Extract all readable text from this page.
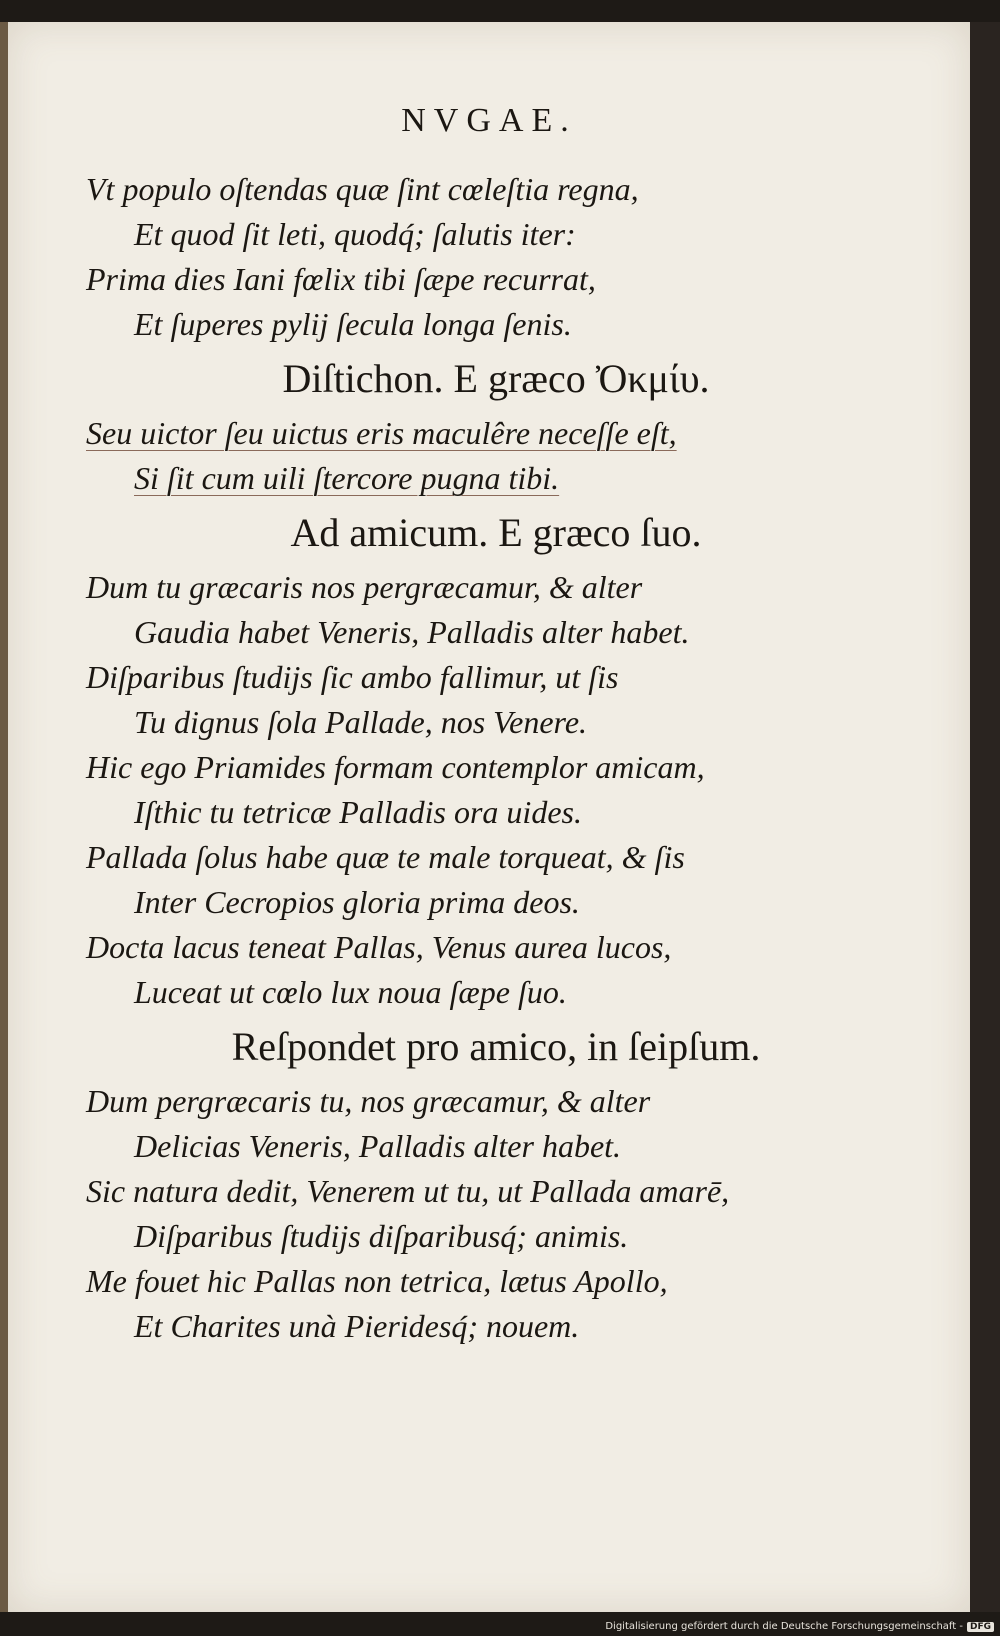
NVGAE.
Vt populo oſtendas quæ ſint cœleſtia regna,
Et quod ſit leti, quodq́; ſalutis iter:
Prima dies Iani fœlix tibi ſæpe recurrat,
Et ſuperes pylij ſecula longa ſenis.
Diſtichon. E græco Ὀκμίυ.
Seu uictor ſeu uictus eris maculêre neceſſe eſt,
Si ſit cum uili ſtercore pugna tibi.
Ad amicum. E græco ſuo.
Dum tu græcaris nos pergræcamur, & alter
Gaudia habet Veneris, Palladis alter habet.
Diſparibus ſtudijs ſic ambo fallimur, ut ſis
Tu dignus ſola Pallade, nos Venere.
Hic ego Priamides formam contemplor amicam,
Iſthic tu tetricæ Palladis ora uides.
Pallada ſolus habe quæ te male torqueat, & ſis
Inter Cecropios gloria prima deos.
Docta lacus teneat Pallas, Venus aurea lucos,
Luceat ut cœlo lux noua ſæpe ſuo.
Reſpondet pro amico, in ſeipſum.
Dum pergræcaris tu, nos græcamur, & alter
Delicias Veneris, Palladis alter habet.
Sic natura dedit, Venerem ut tu, ut Pallada amarē,
Diſparibus ſtudijs diſparibusq́; animis.
Me fouet hic Pallas non tetrica, lætus Apollo,
Et Charites unà Pieridesq́; nouem.
Digitalisierung gefördert durch die Deutsche Forschungsgemeinschaft - DFG
